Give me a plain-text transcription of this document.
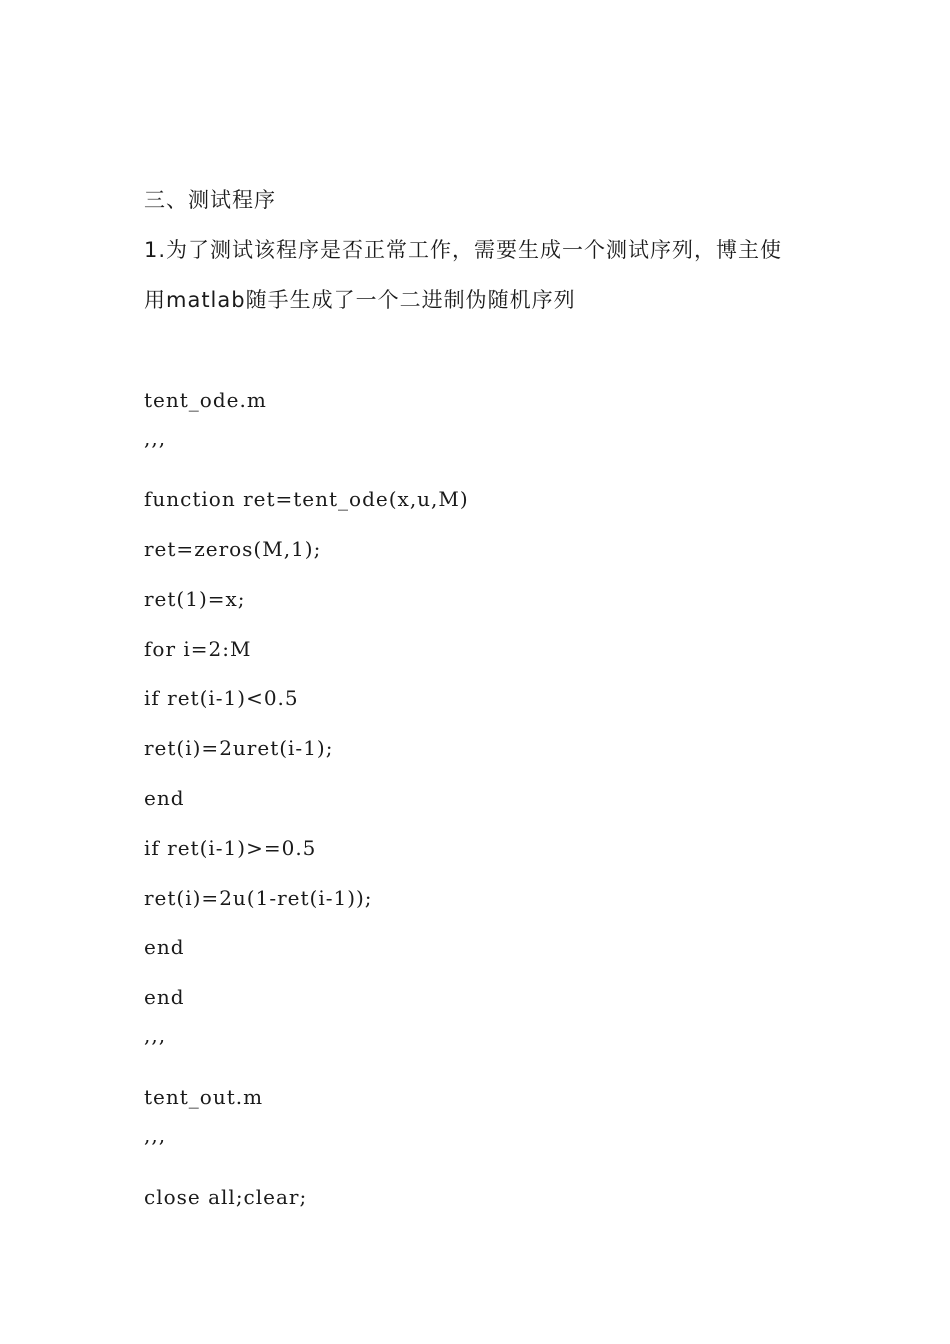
三、测试程序
1.为了测试该程序是否正常工作，需要生成一个测试序列，博主使
用matlab随手生成了一个二进制伪随机序列
tent_ode.m
,,,
function ret=tent_ode(x,u,M)
ret=zeros(M,1);
ret(1)=x;
for i=2:M
if ret(i-1)<0.5
ret(i)=2uret(i-1);
end
if ret(i-1)>=0.5
ret(i)=2u(1-ret(i-1));
end
end
,,,
tent_out.m
,,,
close all;clear;
